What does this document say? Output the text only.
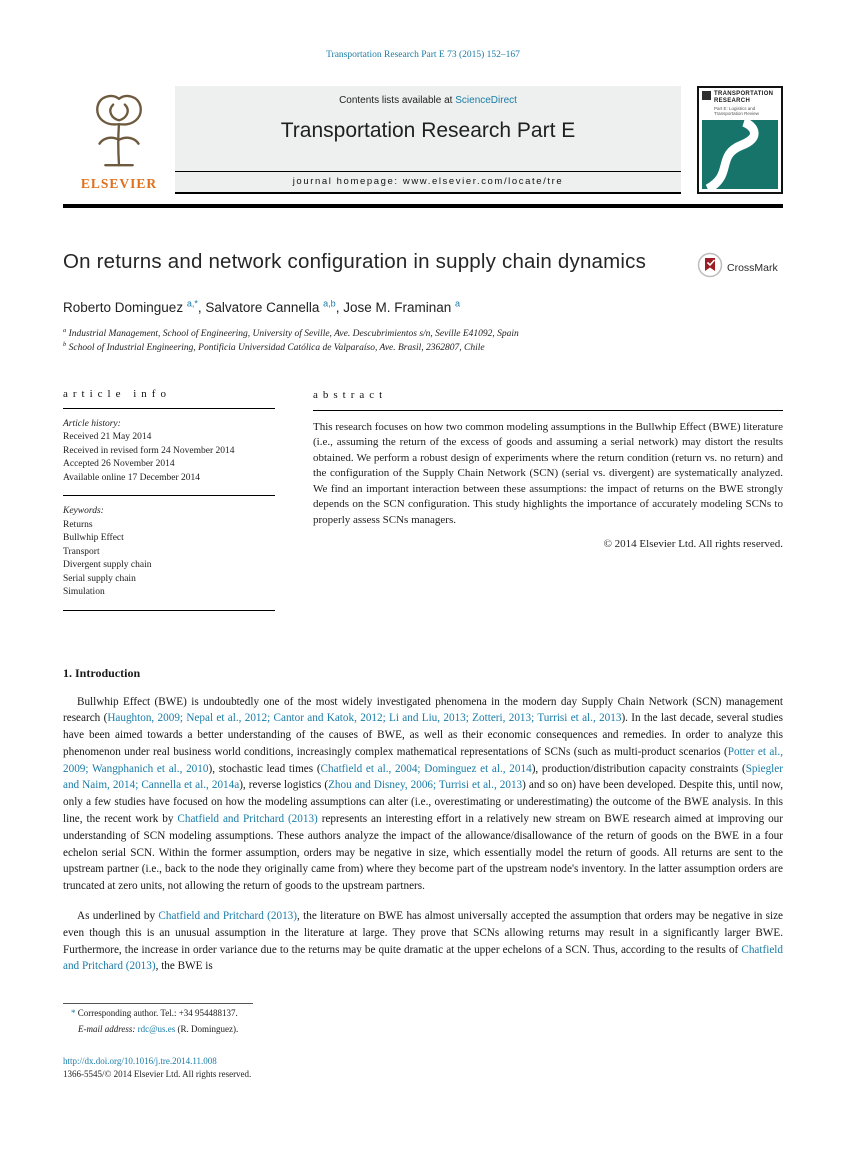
Transportation Research Part E 73 (2015) 152–167
ELSEVIER
Contents lists available at ScienceDirect
Transportation Research Part E
journal homepage: www.elsevier.com/locate/tre
TRANSPORTATION RESEARCH
Part E: Logistics and Transportation Review
On returns and network configuration in supply chain dynamics	CrossMark
Roberto Dominguez $^{a,*}$, Salvatore Cannella $^{a,b}$, Jose M. Framinan $^a$
$^a$ Industrial Management, School of Engineering, University of Seville, Ave. Descubrimientos s/n, Seville E41092, Spain
$^b$ School of Industrial Engineering, Pontificia Universidad Católica de Valparaíso, Ave. Brasil, 2362807, Chile
article info
Article history:
Received 21 May 2014
Received in revised form 24 November 2014
Accepted 26 November 2014
Available online 17 December 2014
Keywords:
Returns
Bullwhip Effect
Transport
Divergent supply chain
Serial supply chain
Simulation
abstract
This research focuses on how two common modeling assumptions in the Bullwhip Effect (BWE) literature (i.e., assuming the return of the excess of goods and assuming a serial network) may distort the results obtained. We perform a robust design of experiments where the return condition (return vs. no return) and the configuration of the Supply Chain Network (SCN) (serial vs. divergent) are systematically analyzed. We find an important interaction between these assumptions: the impact of returns on the BWE strongly depends on the SCN configuration. This study highlights the importance of accurately modeling SCNs to properly assess SCNs managers.
© 2014 Elsevier Ltd. All rights reserved.
1. Introduction

Bullwhip Effect (BWE) is undoubtedly one of the most widely investigated phenomena in the modern day Supply Chain Network (SCN) management research (Haughton, 2009; Nepal et al., 2012; Cantor and Katok, 2012; Li and Liu, 2013; Zotteri, 2013; Turrisi et al., 2013). In the last decade, several studies have been aimed towards a better understanding of the causes of BWE, as well as their economic consequences and remedies. In order to analyze this phenomenon under real business world conditions, increasingly complex mathematical representations of SCNs (such as multi-product scenarios (Potter et al., 2009; Wangphanich et al., 2010), stochastic lead times (Chatfield et al., 2004; Dominguez et al., 2014), production/distribution capacity constraints (Spiegler and Naim, 2014; Cannella et al., 2014a), reverse logistics (Zhou and Disney, 2006; Turrisi et al., 2013) and so on) have been developed. Despite this, until now, only a few studies have focused on how the modeling assumptions can alter (i.e., overestimating or underestimating) the outcome of the BWE analysis. In this line, the recent work by Chatfield and Pritchard (2013) represents an interesting effort in a relatively new stream on BWE research aimed at improving our understanding of SCN modeling assumptions. These authors analyze the impact of the allowance/disallowance of the return of goods on the BWE in a four echelon serial SCN. Within the former assumption, orders may be negative in size, which essentially model the return of goods. All returns are sent to the upstream partner (i.e., back to the node they originally came from) where they become part of the upstream node's inventory. In the latter assumption orders are truncated at zero units, not allowing the return of goods to the upstream partners.

As underlined by Chatfield and Pritchard (2013), the literature on BWE has almost universally accepted the assumption that orders may be negative in size even though this is an unusual assumption in the literature at large. They prove that SCNs allowing returns may result in a significantly larger BWE. Furthermore, the increase in order variance due to the returns may be quite dramatic at the upper echelons of a SCN. Thus, according to the results of Chatfield and Pritchard (2013), the BWE is

* Corresponding author. Tel.: +34 954488137.
E-mail address: rdc@us.es (R. Dominguez).
http://dx.doi.org/10.1016/j.tre.2014.11.008
1366-5545/© 2014 Elsevier Ltd. All rights reserved.
